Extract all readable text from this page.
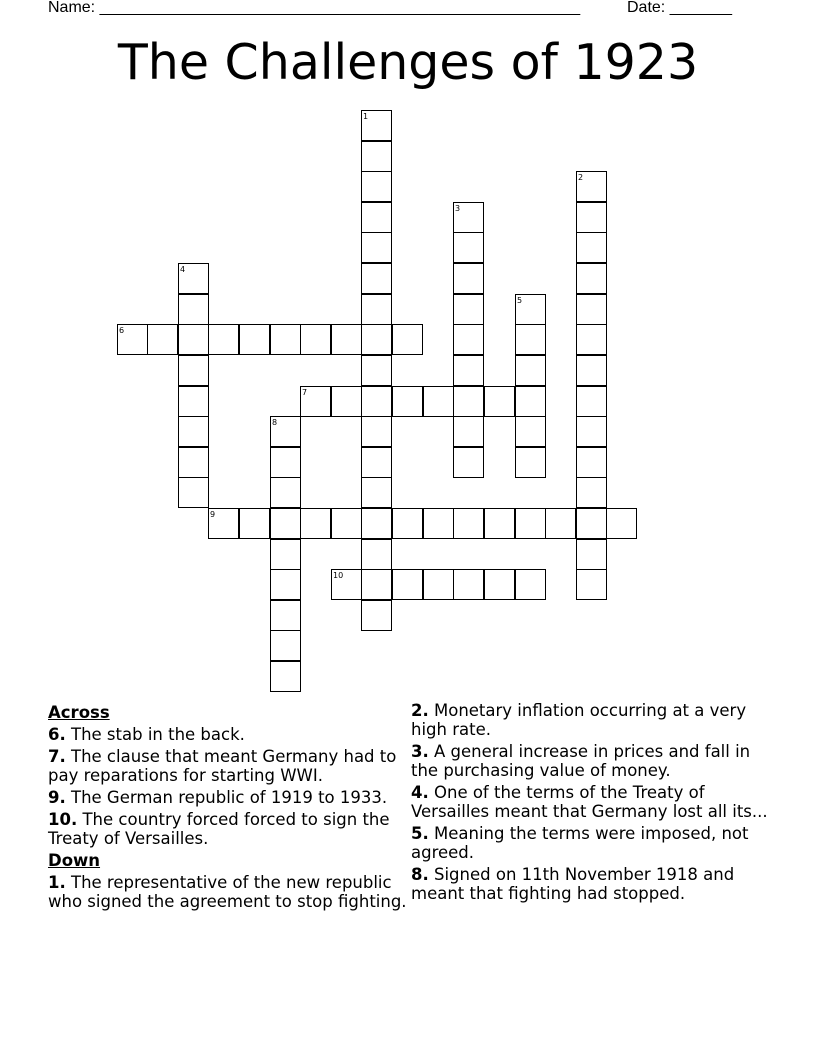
Name: ______________________________________________________	Date: _______
The Challenges of 1923
1
2
3
4
5
6
7
8
9
10
Across
6. The stab in the back.
7. The clause that meant Germany had to pay reparations for starting WWI.
9. The German republic of 1919 to 1933.
10. The country forced forced to sign the Treaty of Versailles.
Down
1. The representative of the new republic who signed the agreement to stop fighting.
2. Monetary inflation occurring at a very high rate.
3. A general increase in prices and fall in the purchasing value of money.
4. One of the terms of the Treaty of Versailles meant that Germany lost all its...
5. Meaning the terms were imposed, not agreed.
8. Signed on 11th November 1918 and meant that fighting had stopped.
